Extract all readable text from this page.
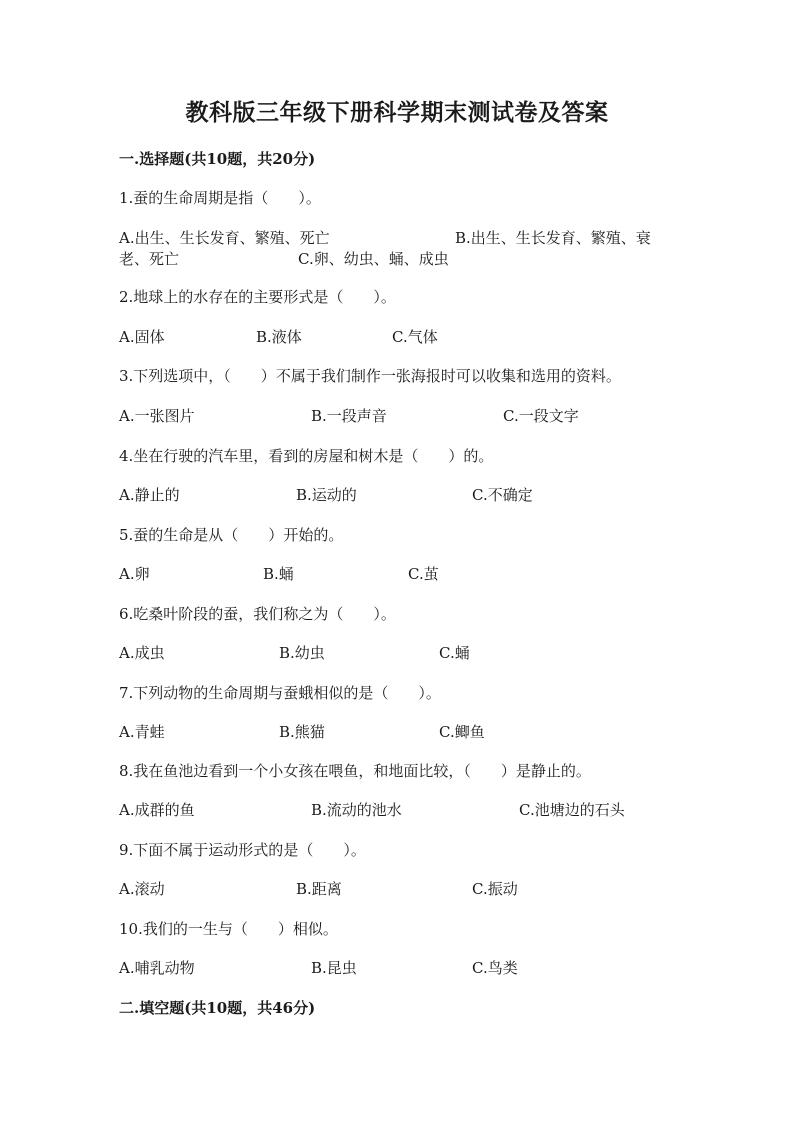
教科版三年级下册科学期末测试卷及答案
一.选择题(共10题，共20分)
1.蚕的生命周期是指（　　）。
A.出生、生长发育、繁殖、死亡	B.出生、生长发育、繁殖、衰
老、死亡	C.卵、幼虫、蛹、成虫
2.地球上的水存在的主要形式是（　　）。
A.固体	B.液体	C.气体
3.下列选项中，（　　）不属于我们制作一张海报时可以收集和选用的资料。
A.一张图片	B.一段声音	C.一段文字
4.坐在行驶的汽车里，看到的房屋和树木是（　　）的。
A.静止的	B.运动的	C.不确定
5.蚕的生命是从（　　）开始的。
A.卵	B.蛹	C.茧
6.吃桑叶阶段的蚕，我们称之为（　　）。
A.成虫	B.幼虫	C.蛹
7.下列动物的生命周期与蚕蛾相似的是（　　）。
A.青蛙	B.熊猫	C.鲫鱼
8.我在鱼池边看到一个小女孩在喂鱼，和地面比较，（　　）是静止的。
A.成群的鱼	B.流动的池水	C.池塘边的石头
9.下面不属于运动形式的是（　　）。
A.滚动	B.距离	C.振动
10.我们的一生与（　　）相似。
A.哺乳动物	B.昆虫	C.鸟类
二.填空题(共10题，共46分)
